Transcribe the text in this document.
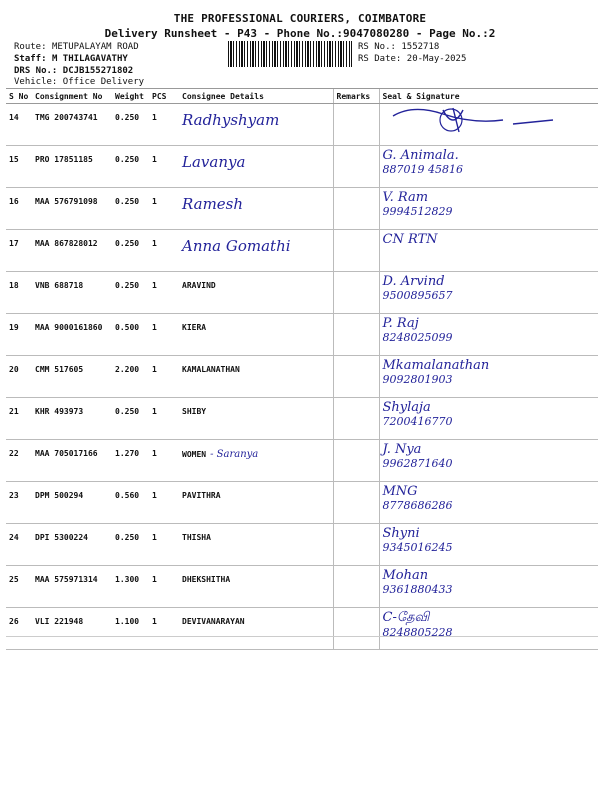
THE PROFESSIONAL COURIERS, COIMBATORE
Delivery Runsheet - P43 - Phone No.:9047080280 - Page No.:2
Route: METUPALAYAM ROAD
Staff: M THILAGAVATHY
DRS No.: DCJB155271802
Vehicle: Office Delivery
RS No.: 1552718
RS Date: 20-May-2025
S No	Consignment No	Weight	PCS	Consignee Details	Remarks	Seal & Signature
14	TMG 200743741	0.250	1	Radhyshyam		

15	PRO 17851185	0.250	1	Lavanya		G. Animala.
887019 45816

16	MAA 576791098	0.250	1	Ramesh		V. Ram
9994512829

17	MAA 867828012	0.250	1	Anna Gomathi		CN RTN

18	VNB 688718	0.250	1	ARAVIND		D. Arvind
9500895657

19	MAA 9000161860	0.500	1	KIERA		P. Raj
8248025099

20	CMM 517605	2.200	1	KAMALANATHAN		Mkamalanathan
9092801903

21	KHR 493973	0.250	1	SHIBY		Shylaja
7200416770

22	MAA 705017166	1.270	1	WOMEN - Saranya		J. Nya
9962871640

23	DPM 500294	0.560	1	PAVITHRA		MNG
8778686286

24	DPI 5300224	0.250	1	THISHA		Shyni
9345016245

25	MAA 575971314	1.300	1	DHEKSHITHA		Mohan
9361880433

26	VLI 221948	1.100	1	DEVIVANARAYAN		C-தேவி
8248805228
